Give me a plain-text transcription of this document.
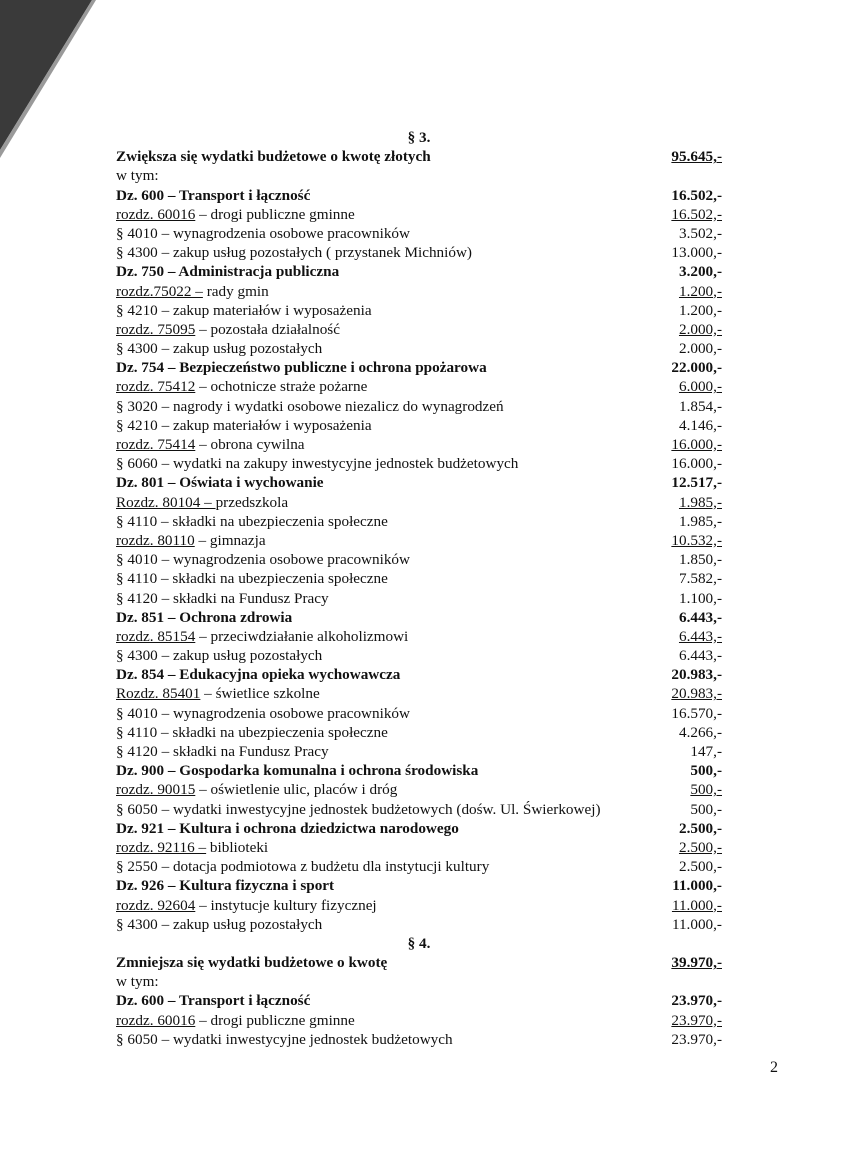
§ 3.
Zwiększa się wydatki budżetowe o kwotę złotych	95.645,-
w tym:
Dz. 600 – Transport i łączność	16.502,-
rozdz. 60016 – drogi publiczne gminne	16.502,-
§ 4010 – wynagrodzenia osobowe pracowników	3.502,-
§ 4300 – zakup usług pozostałych ( przystanek Michniów)	13.000,-
Dz. 750 – Administracja publiczna	3.200,-
rozdz.75022 – rady gmin	1.200,-
§ 4210 – zakup materiałów i wyposażenia	1.200,-
rozdz. 75095 – pozostała działalność	2.000,-
§ 4300 – zakup usług pozostałych	2.000,-
Dz. 754 – Bezpieczeństwo publiczne i ochrona ppożarowa	22.000,-
rozdz. 75412 – ochotnicze straże pożarne	6.000,-
§ 3020 – nagrody i wydatki osobowe niezalicz do wynagrodzeń	1.854,-
§ 4210 – zakup materiałów i wyposażenia	4.146,-
rozdz. 75414 – obrona cywilna	16.000,-
§ 6060 – wydatki na zakupy inwestycyjne jednostek budżetowych	16.000,-
Dz. 801 – Oświata i wychowanie	12.517,-
Rozdz. 80104 – przedszkola	1.985,-
§ 4110 – składki na ubezpieczenia społeczne	1.985,-
rozdz. 80110 – gimnazja	10.532,-
§ 4010 – wynagrodzenia osobowe pracowników	1.850,-
§ 4110 – składki na ubezpieczenia społeczne	7.582,-
§ 4120 – składki na Fundusz Pracy	1.100,-
Dz. 851 – Ochrona zdrowia	6.443,-
rozdz. 85154 – przeciwdziałanie alkoholizmowi	6.443,-
§ 4300 – zakup usług pozostałych	6.443,-
Dz. 854 – Edukacyjna opieka wychowawcza	20.983,-
Rozdz. 85401 – świetlice szkolne	20.983,-
§ 4010 – wynagrodzenia osobowe pracowników	16.570,-
§ 4110 – składki na ubezpieczenia społeczne	4.266,-
§ 4120 – składki na Fundusz Pracy	147,-
Dz. 900 – Gospodarka komunalna i ochrona środowiska	500,-
rozdz. 90015 – oświetlenie ulic, placów i dróg	500,-
§ 6050 – wydatki inwestycyjne jednostek budżetowych (dośw. Ul. Świerkowej)	500,-
Dz. 921 – Kultura i ochrona dziedzictwa narodowego	2.500,-
rozdz. 92116 – biblioteki	2.500,-
§ 2550 – dotacja podmiotowa z budżetu dla instytucji kultury	2.500,-
Dz. 926 – Kultura fizyczna i sport	11.000,-
rozdz. 92604 – instytucje kultury fizycznej	11.000,-
§ 4300 – zakup usług pozostałych	11.000,-
§ 4.
Zmniejsza się wydatki budżetowe o kwotę	39.970,-
w tym:
Dz. 600 – Transport i łączność	23.970,-
rozdz. 60016 – drogi publiczne gminne	23.970,-
§ 6050 – wydatki inwestycyjne jednostek budżetowych	23.970,-
2
